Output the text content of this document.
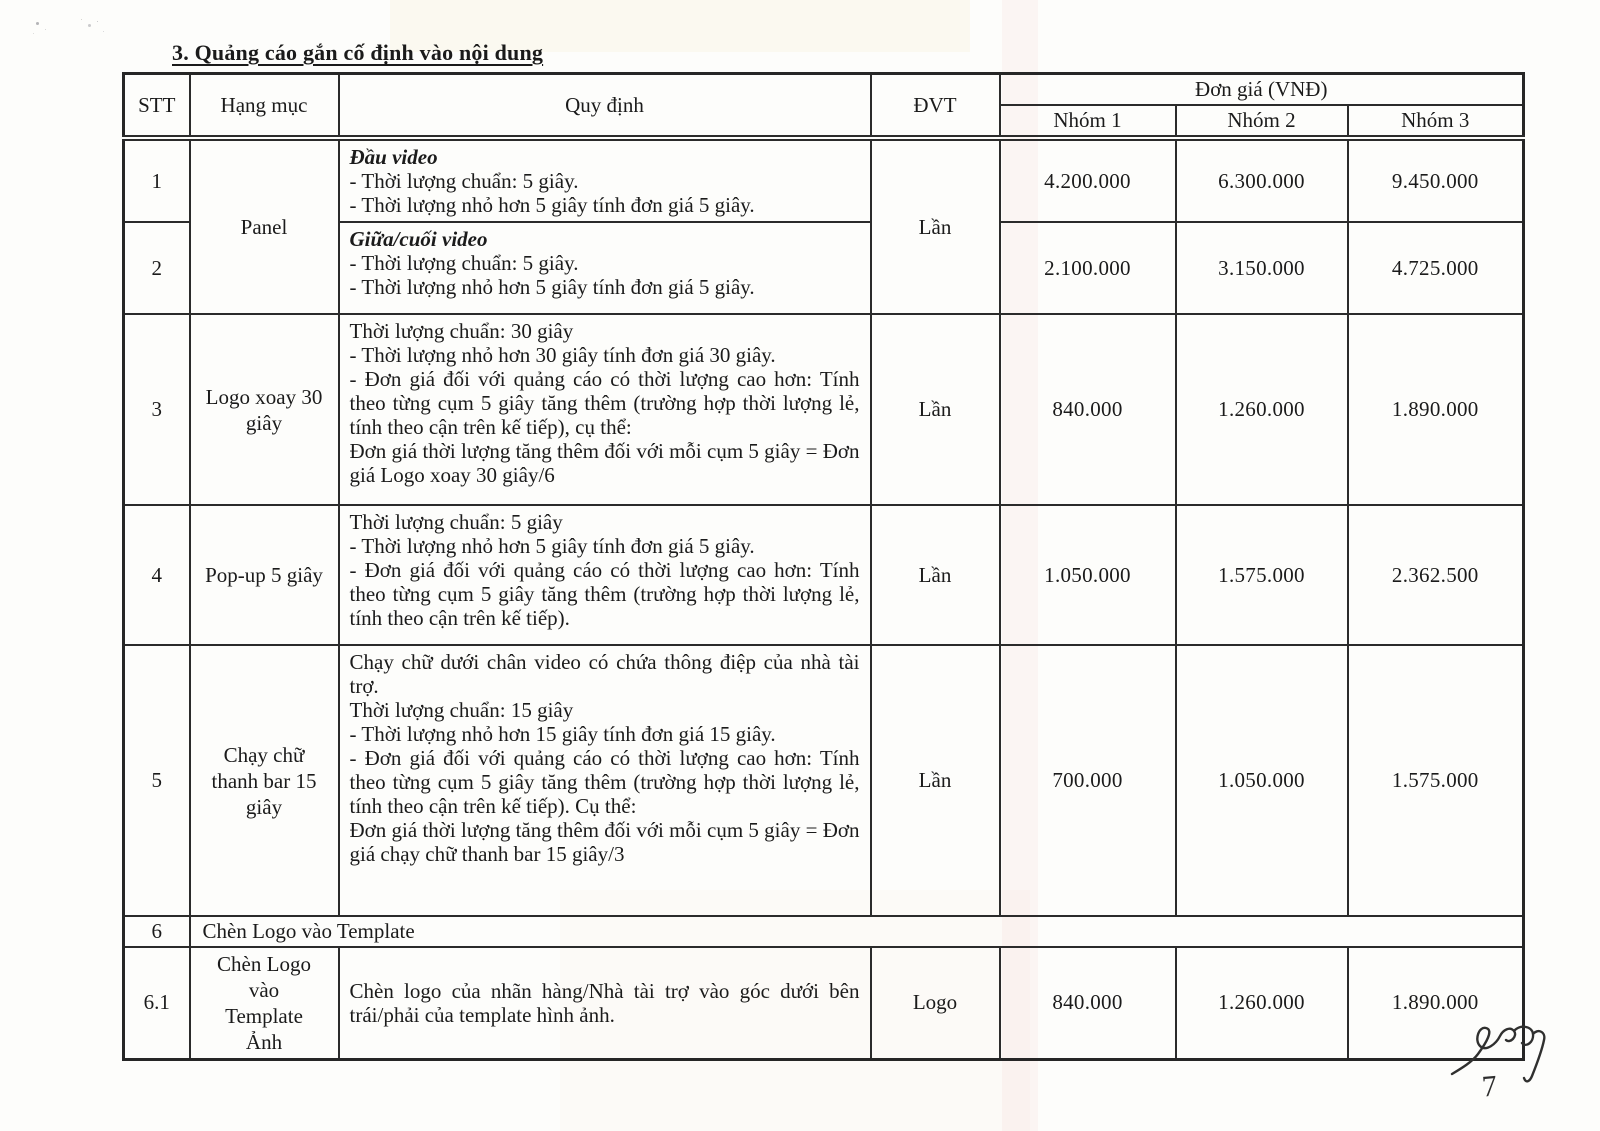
3. Quảng cáo gắn cố định vào nội dung
STT	Hạng mục	Quy định	ĐVT	Đơn giá (VNĐ)		
				Nhóm 1	Nhóm 2	Nhóm 3
1	Panel	Đầu video
- Thời lượng chuẩn: 5 giây.
- Thời lượng nhỏ hơn 5 giây tính đơn giá 5 giây.	Lần	4.200.000	6.300.000	9.450.000
2		Giữa/cuối video
- Thời lượng chuẩn: 5 giây.
- Thời lượng nhỏ hơn 5 giây tính đơn giá 5 giây.		2.100.000	3.150.000	4.725.000
3	Logo xoay 30 giây	Thời lượng chuẩn: 30 giây
- Thời lượng nhỏ hơn 30 giây tính đơn giá 30 giây.
- Đơn giá đối với quảng cáo có thời lượng cao hơn: Tính theo từng cụm 5 giây tăng thêm (trường hợp thời lượng lẻ, tính theo cận trên kế tiếp), cụ thể:
Đơn giá thời lượng tăng thêm đối với mỗi cụm 5 giây = Đơn giá Logo xoay 30 giây/6	Lần	840.000	1.260.000	1.890.000
4	Pop-up 5 giây	Thời lượng chuẩn: 5 giây
- Thời lượng nhỏ hơn 5 giây tính đơn giá 5 giây.
- Đơn giá đối với quảng cáo có thời lượng cao hơn: Tính theo từng cụm 5 giây tăng thêm (trường hợp thời lượng lẻ, tính theo cận trên kế tiếp).	Lần	1.050.000	1.575.000	2.362.500
5	Chạy chữ thanh bar 15 giây	Chạy chữ dưới chân video có chứa thông điệp của nhà tài trợ.
Thời lượng chuẩn: 15 giây
- Thời lượng nhỏ hơn 15 giây tính đơn giá 15 giây.
- Đơn giá đối với quảng cáo có thời lượng cao hơn: Tính theo từng cụm 5 giây tăng thêm (trường hợp thời lượng lẻ, tính theo cận trên kế tiếp). Cụ thể:
Đơn giá thời lượng tăng thêm đối với mỗi cụm 5 giây = Đơn giá chạy chữ thanh bar 15 giây/3	Lần	700.000	1.050.000	1.575.000
6	Chèn Logo vào Template					
6.1	Chèn Logo vào Template Ảnh	Chèn logo của nhãn hàng/Nhà tài trợ vào góc dưới bên trái/phải của template hình ảnh.	Logo	840.000	1.260.000	1.890.000
7
